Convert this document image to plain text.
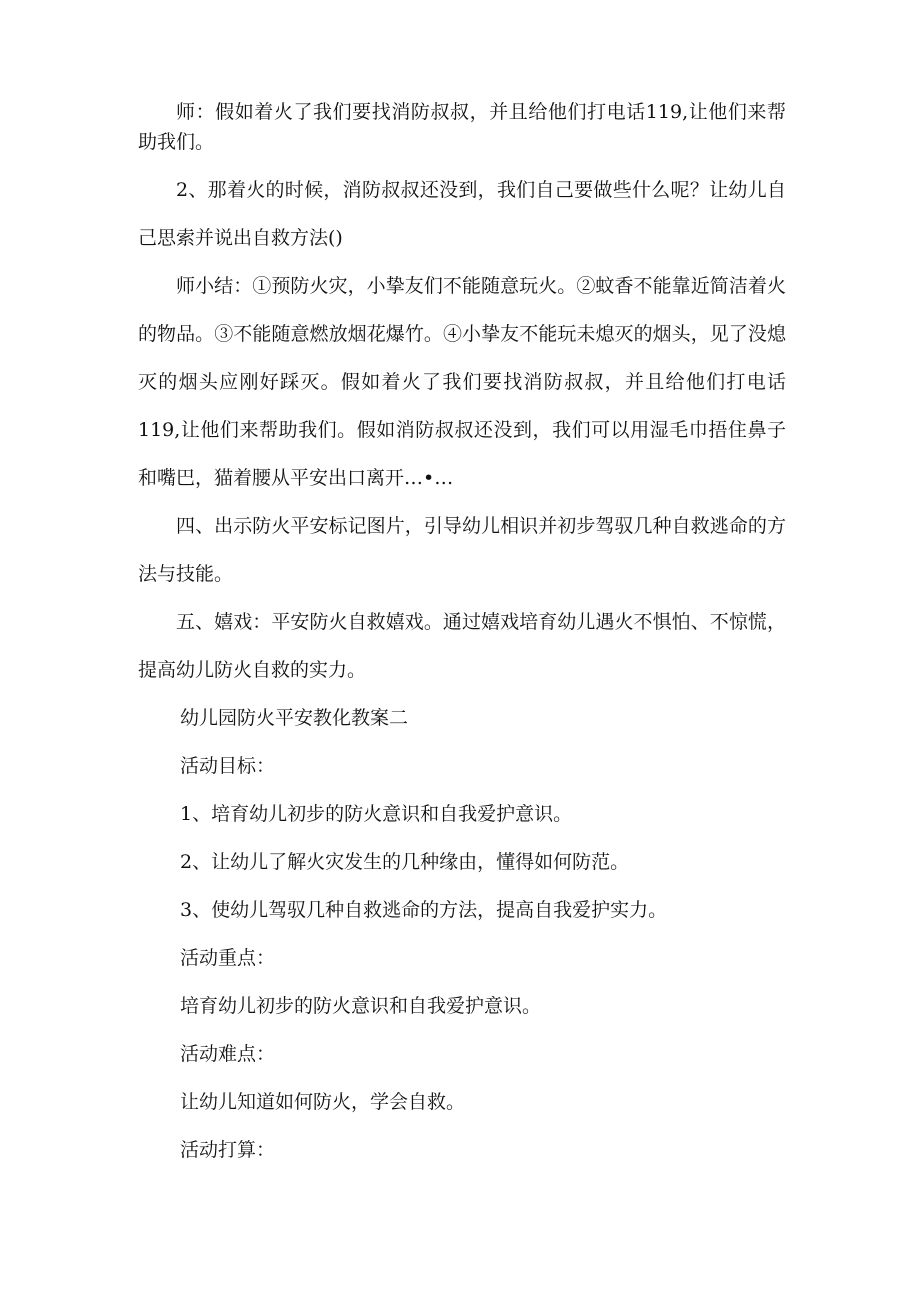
师：假如着火了我们要找消防叔叔，并且给他们打电话119,让他们来帮助我们。

2、那着火的时候，消防叔叔还没到，我们自己要做些什么呢？让幼儿自己思索并说出自救方法()

师小结：①预防火灾，小挚友们不能随意玩火。②蚊香不能靠近简洁着火的物品。③不能随意燃放烟花爆竹。④小挚友不能玩未熄灭的烟头，见了没熄灭的烟头应刚好踩灭。假如着火了我们要找消防叔叔，并且给他们打电话119,让他们来帮助我们。假如消防叔叔还没到，我们可以用湿毛巾捂住鼻子和嘴巴，猫着腰从平安出口离开…•…

四、出示防火平安标记图片，引导幼儿相识并初步驾驭几种自救逃命的方法与技能。

五、嬉戏：平安防火自救嬉戏。通过嬉戏培育幼儿遇火不惧怕、不惊慌，提高幼儿防火自救的实力。

幼儿园防火平安教化教案二
活动目标：
1、培育幼儿初步的防火意识和自我爱护意识。
2、让幼儿了解火灾发生的几种缘由，懂得如何防范。
3、使幼儿驾驭几种自救逃命的方法，提高自我爱护实力。
活动重点：
培育幼儿初步的防火意识和自我爱护意识。
活动难点：
让幼儿知道如何防火，学会自救。
活动打算：
